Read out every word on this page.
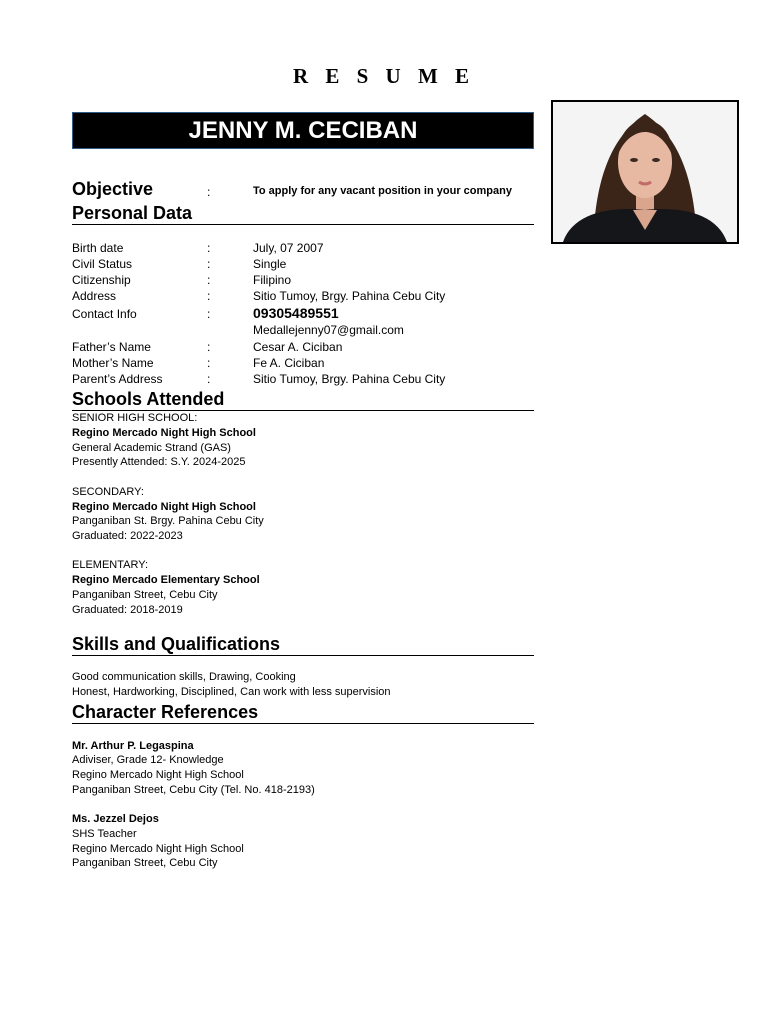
R E S U M E
JENNY M. CECIBAN
Objective	:	To apply for any vacant position in your company
Personal Data
Birth date	:	July, 07 2007
Civil Status	:	Single
Citizenship	:	Filipino
Address	:	Sitio Tumoy, Brgy. Pahina Cebu City
Contact Info	:	09305489551
Medallejenny07@gmail.com
Father’s Name	:	Cesar A. Ciciban
Mother’s Name	:	Fe A. Ciciban
Parent’s Address	:	Sitio Tumoy, Brgy. Pahina Cebu City
Schools Attended
SENIOR HIGH SCHOOL:
Regino Mercado Night High School
General Academic Strand (GAS)
Presently Attended: S.Y. 2024-2025
SECONDARY:
Regino Mercado Night High School
Panganiban St. Brgy. Pahina Cebu City
Graduated: 2022-2023
ELEMENTARY:
Regino Mercado Elementary School
Panganiban Street, Cebu City
Graduated: 2018-2019
Skills and Qualifications
Good communication skills, Drawing, Cooking
Honest, Hardworking, Disciplined, Can work with less supervision
Character References
Mr. Arthur P. Legaspina
Adiviser, Grade 12- Knowledge
Regino Mercado Night High School
Panganiban Street, Cebu City (Tel. No. 418-2193)
Ms. Jezzel Dejos
SHS Teacher
Regino Mercado Night High School
Panganiban Street, Cebu City
